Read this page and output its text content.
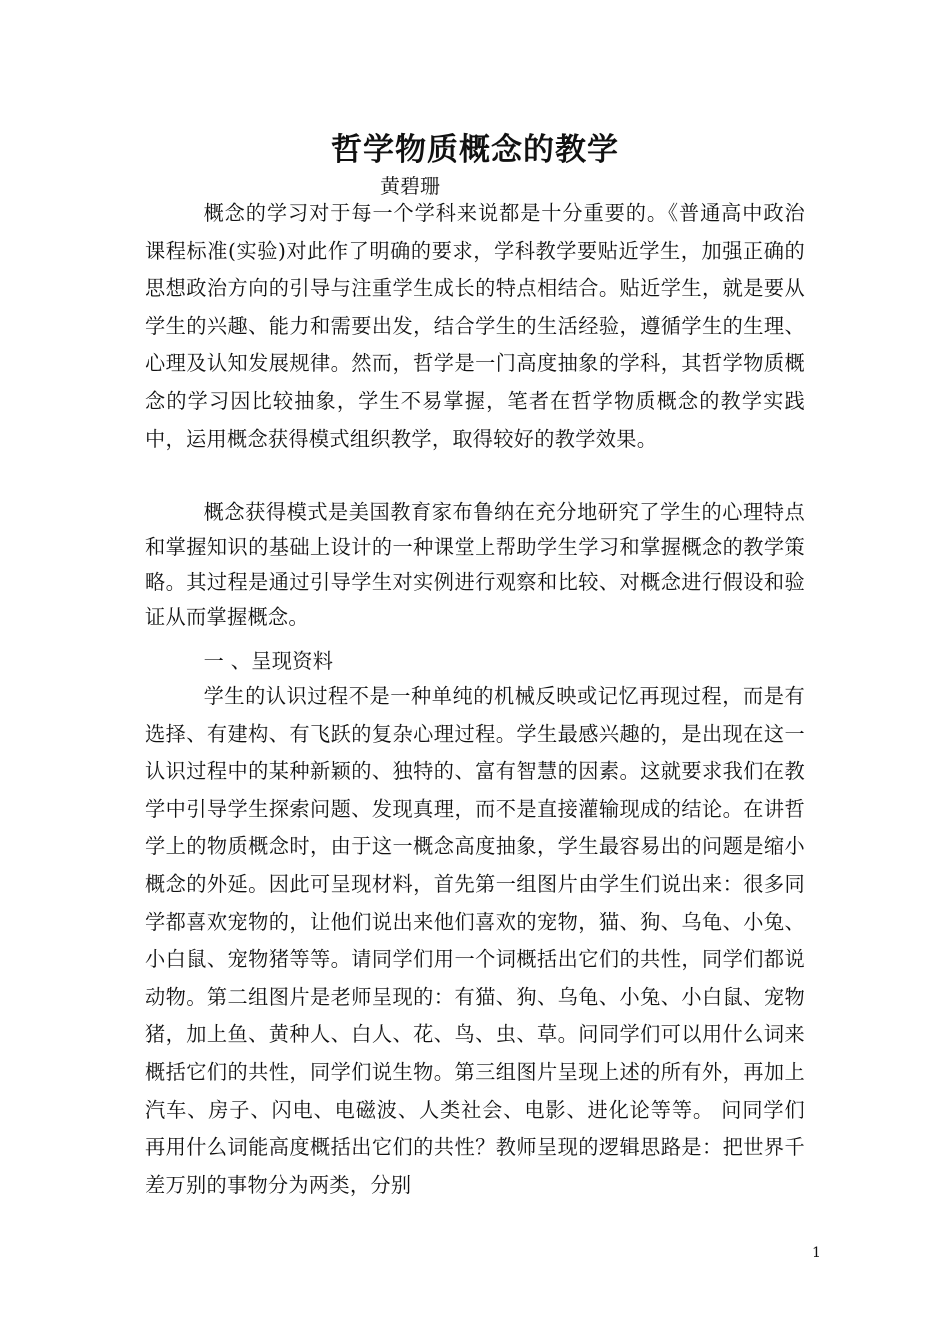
哲学物质概念的教学
黄碧珊
概念的学习对于每一个学科来说都是十分重要的。《普通高中政治课程标准(实验)对此作了明确的要求，学科教学要贴近学生，加强正确的思想政治方向的引导与注重学生成长的特点相结合。贴近学生，就是要从学生的兴趣、能力和需要出发，结合学生的生活经验，遵循学生的生理、心理及认知发展规律。然而，哲学是一门高度抽象的学科，其哲学物质概念的学习因比较抽象，学生不易掌握，笔者在哲学物质概念的教学实践中，运用概念获得模式组织教学，取得较好的教学效果。
概念获得模式是美国教育家布鲁纳在充分地研究了学生的心理特点和掌握知识的基础上设计的一种课堂上帮助学生学习和掌握概念的教学策略。其过程是通过引导学生对实例进行观察和比较、对概念进行假设和验证从而掌握概念。
一 、呈现资料
学生的认识过程不是一种单纯的机械反映或记忆再现过程，而是有选择、有建构、有飞跃的复杂心理过程。学生最感兴趣的，是出现在这一认识过程中的某种新颖的、独特的、富有智慧的因素。这就要求我们在教学中引导学生探索问题、发现真理，而不是直接灌输现成的结论。在讲哲学上的物质概念时，由于这一概念高度抽象，学生最容易出的问题是缩小概念的外延。因此可呈现材料，首先第一组图片由学生们说出来：很多同学都喜欢宠物的，让他们说出来他们喜欢的宠物，猫、狗、乌龟、小兔、小白鼠、宠物猪等等。请同学们用一个词概括出它们的共性，同学们都说动物。第二组图片是老师呈现的：有猫、狗、乌龟、小兔、小白鼠、宠物猪，加上鱼、黄种人、白人、花、鸟、虫、草。问同学们可以用什么词来概括它们的共性，同学们说生物。第三组图片呈现上述的所有外，再加上汽车、房子、闪电、电磁波、人类社会、电影、进化论等等。 问同学们再用什么词能高度概括出它们的共性？教师呈现的逻辑思路是：把世界千差万别的事物分为两类，分别
1
